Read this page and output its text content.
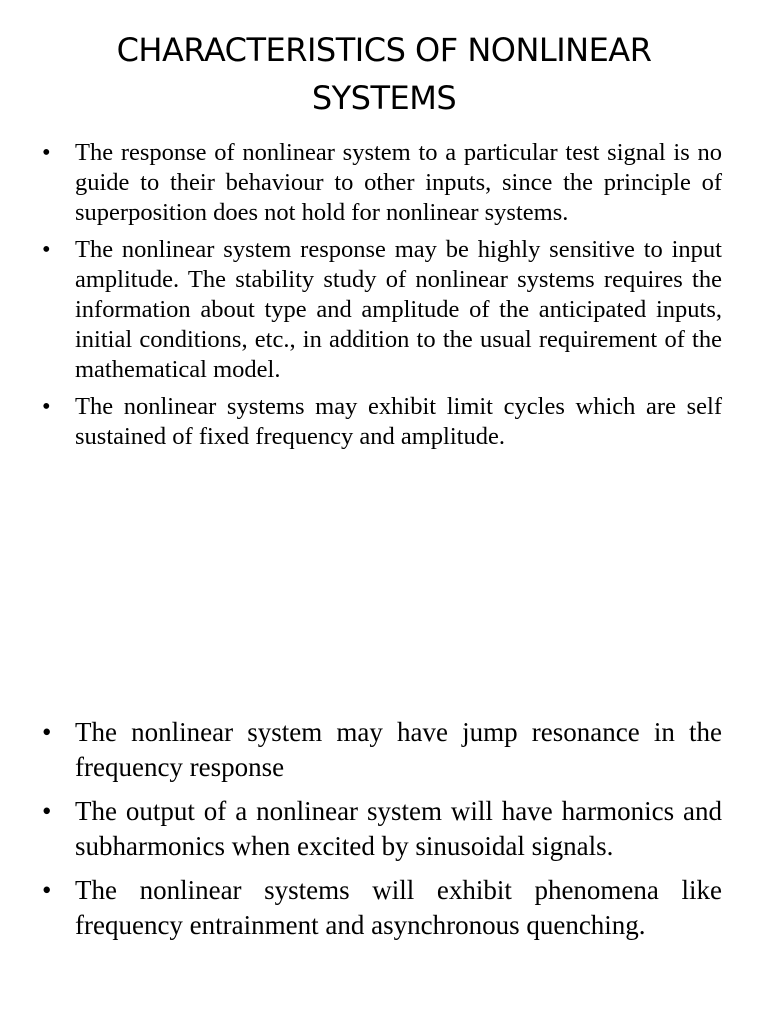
CHARACTERISTICS OF NONLINEAR SYSTEMS
• The response of nonlinear system to a particular test signal is no guide to their behaviour to other inputs, since the principle of superposition does not hold for nonlinear systems.
• The nonlinear system response may be highly sensitive to input amplitude. The stability study of nonlinear systems requires the information about type and amplitude of the anticipated inputs, initial conditions, etc., in addition to the usual requirement of the mathematical model.
• The nonlinear systems may exhibit limit cycles which are self sustained of fixed frequency and amplitude.
• The nonlinear system may have jump resonance in the frequency response
• The output of a nonlinear system will have harmonics and subharmonics when excited by sinusoidal signals.
• The nonlinear systems will exhibit phenomena like frequency entrainment and asynchronous quenching.
